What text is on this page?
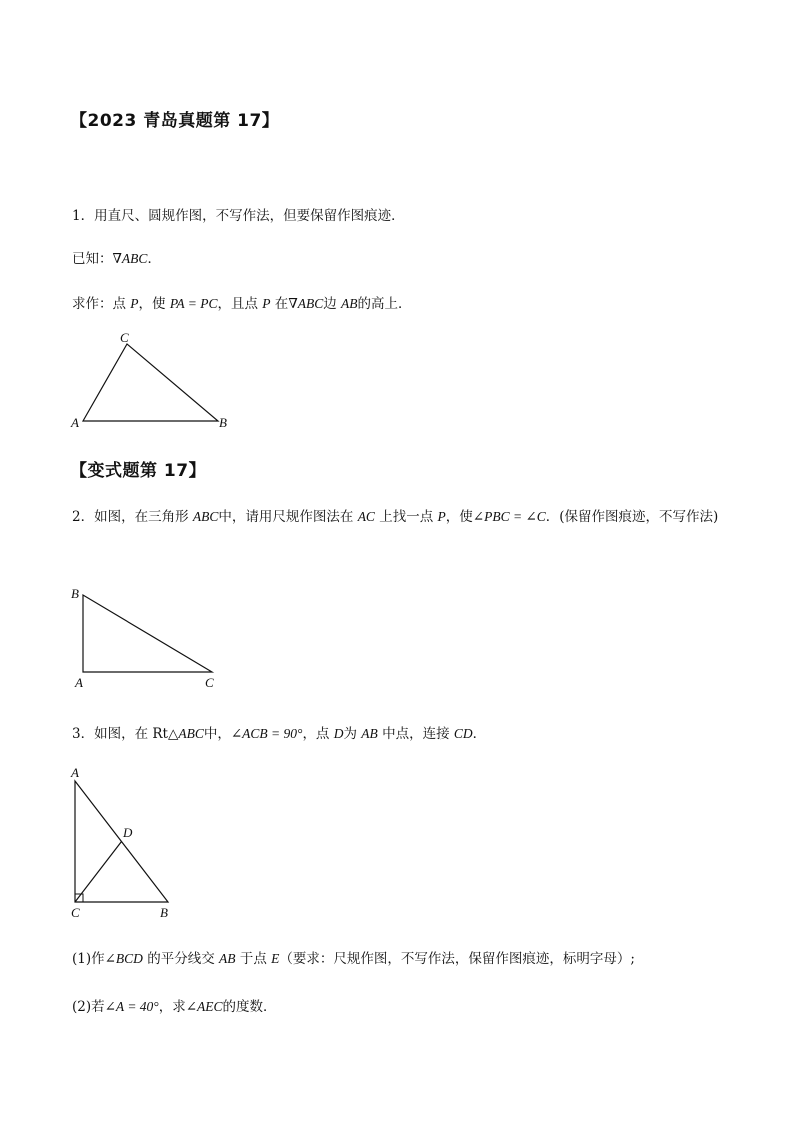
【2023 青岛真题第 17】
1．用直尺、圆规作图，不写作法，但要保留作图痕迹．
已知：∇ABC．
求作：点 P，使 PA = PC，且点 P 在∇ABC边 AB的高上．
C
A	B
【变式题第 17】
2．如图，在三角形 ABC中，请用尺规作图法在 AC 上找一点 P，使∠PBC = ∠C．(保留作图痕迹，不写作法)
B
A	C
3．如图，在 Rt△ABC中，∠ACB = 90°，点 D为 AB 中点，连接 CD．
A
D
C	B
(1)作∠BCD 的平分线交 AB 于点 E（要求：尺规作图，不写作法，保留作图痕迹，标明字母）;
(2)若∠A = 40°，求∠AEC的度数．
